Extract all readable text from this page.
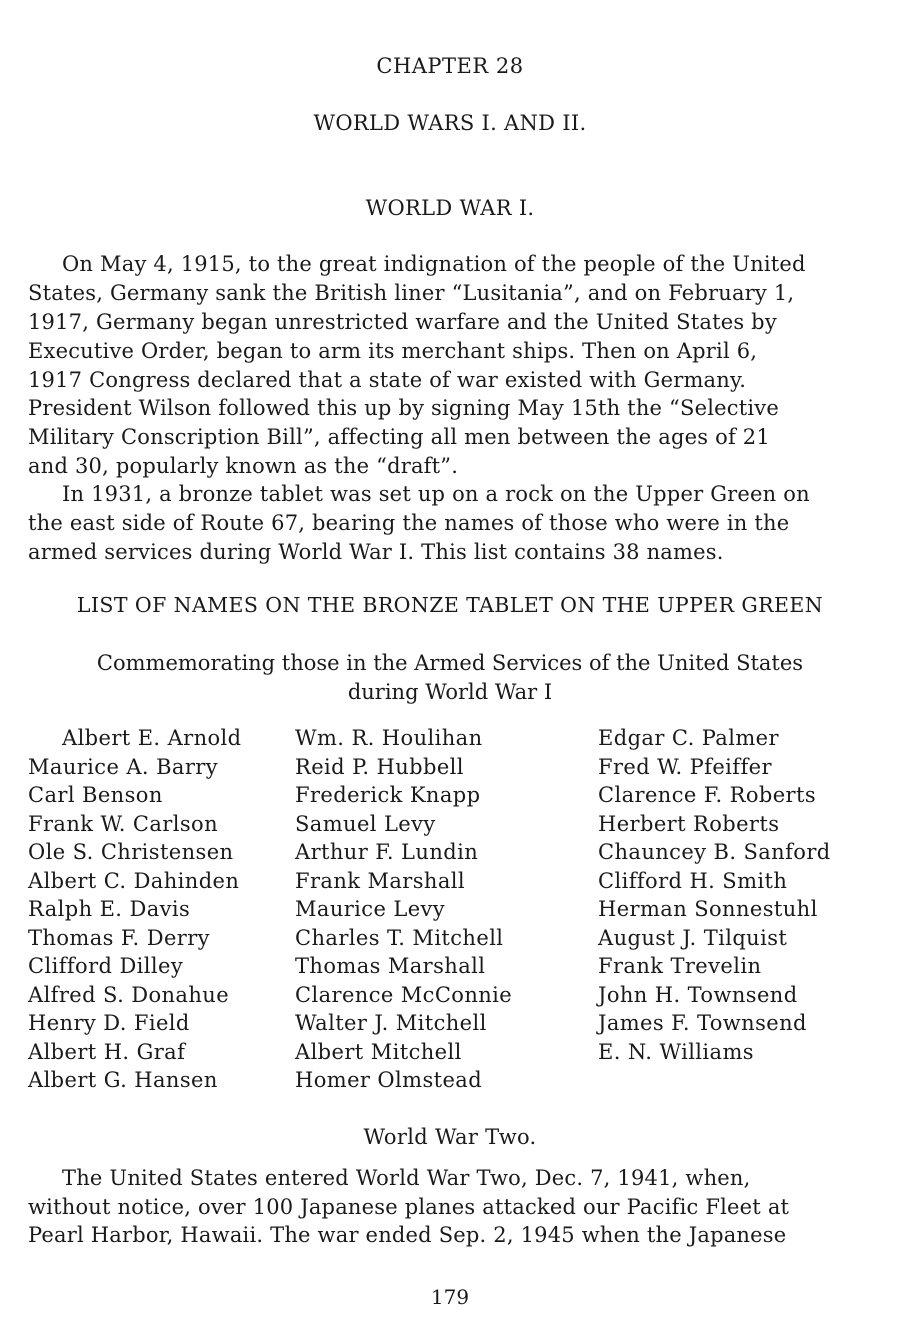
CHAPTER 28
WORLD WARS I. AND II.
WORLD WAR I.
On May 4, 1915, to the great indignation of the people of the United
States, Germany sank the British liner “Lusitania”, and on February 1,
1917, Germany began unrestricted warfare and the United States by
Executive Order, began to arm its merchant ships. Then on April 6,
1917 Congress declared that a state of war existed with Germany.
President Wilson followed this up by signing May 15th the “Selective
Military Conscription Bill”, affecting all men between the ages of 21
and 30, popularly known as the “draft”.
In 1931, a bronze tablet was set up on a rock on the Upper Green on
the east side of Route 67, bearing the names of those who were in the
armed services during World War I. This list contains 38 names.
LIST OF NAMES ON THE BRONZE TABLET ON THE UPPER GREEN
Commemorating those in the Armed Services of the United States
during World War I
Albert E. Arnold
Maurice A. Barry
Carl Benson
Frank W. Carlson
Ole S. Christensen
Albert C. Dahinden
Ralph E. Davis
Thomas F. Derry
Clifford Dilley
Alfred S. Donahue
Henry D. Field
Albert H. Graf
Albert G. Hansen
Wm. R. Houlihan
Reid P. Hubbell
Frederick Knapp
Samuel Levy
Arthur F. Lundin
Frank Marshall
Maurice Levy
Charles T. Mitchell
Thomas Marshall
Clarence McConnie
Walter J. Mitchell
Albert Mitchell
Homer Olmstead
Edgar C. Palmer
Fred W. Pfeiffer
Clarence F. Roberts
Herbert Roberts
Chauncey B. Sanford
Clifford H. Smith
Herman Sonnestuhl
August J. Tilquist
Frank Trevelin
John H. Townsend
James F. Townsend
E. N. Williams
World War Two.
The United States entered World War Two, Dec. 7, 1941, when,
without notice, over 100 Japanese planes attacked our Pacific Fleet at
Pearl Harbor, Hawaii. The war ended Sep. 2, 1945 when the Japanese
179
